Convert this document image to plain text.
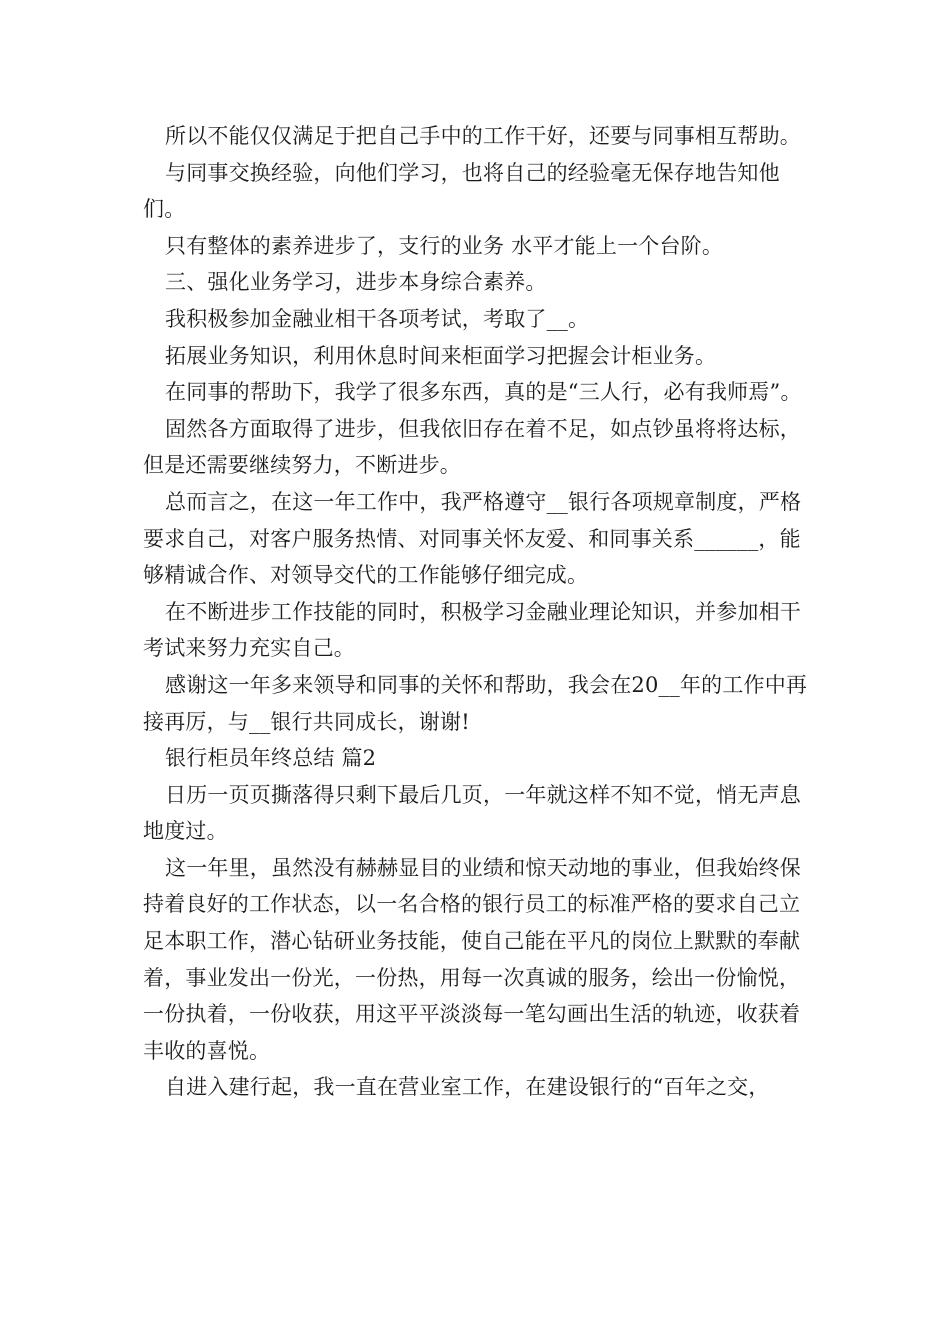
所以不能仅仅满足于把自己手中的工作干好，还要与同事相互帮助。

与同事交换经验，向他们学习，也将自己的经验毫无保存地告知他们。

只有整体的素养进步了，支行的业务 水平才能上一个台阶。

三、强化业务学习，进步本身综合素养。

我积极参加金融业相干各项考试，考取了__。

拓展业务知识，利用休息时间来柜面学习把握会计柜业务。

在同事的帮助下，我学了很多东西，真的是“三人行，必有我师焉”。

固然各方面取得了进步，但我依旧存在着不足，如点钞虽将将达标，但是还需要继续努力，不断进步。

总而言之，在这一年工作中，我严格遵守__银行各项规章制度，严格要求自己，对客户服务热情、对同事关怀友爱、和同事关系______，能够精诚合作、对领导交代的工作能够仔细完成。

在不断进步工作技能的同时，积极学习金融业理论知识，并参加相干考试来努力充实自己。

感谢这一年多来领导和同事的关怀和帮助，我会在20__年的工作中再接再厉，与__银行共同成长，谢谢!

银行柜员年终总结 篇2

日历一页页撕落得只剩下最后几页，一年就这样不知不觉，悄无声息地度过。

这一年里，虽然没有赫赫显目的业绩和惊天动地的事业，但我始终保持着良好的工作状态，以一名合格的银行员工的标准严格的要求自己立足本职工作，潜心钻研业务技能，使自己能在平凡的岗位上默默的奉献着，事业发出一份光，一份热，用每一次真诚的服务，绘出一份愉悦，一份执着，一份收获，用这平平淡淡每一笔勾画出生活的轨迹，收获着丰收的喜悦。

自进入建行起，我一直在营业室工作，在建设银行的“百年之交，
